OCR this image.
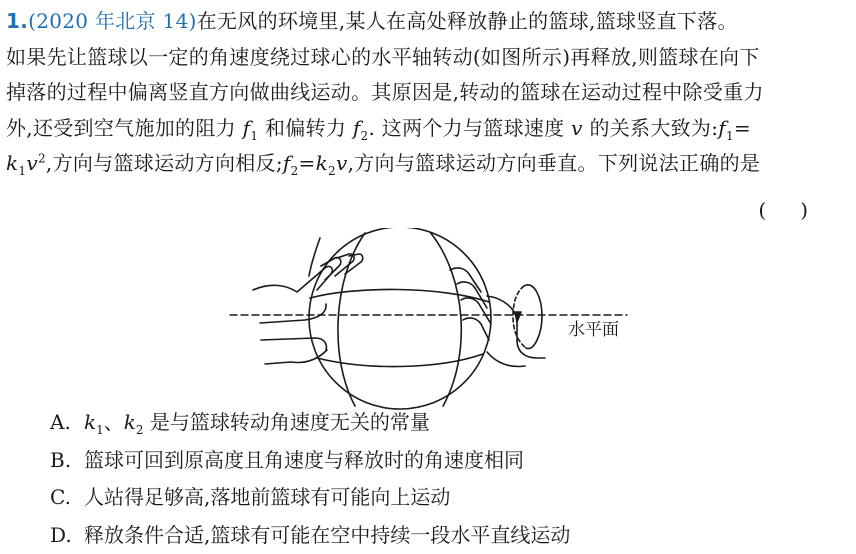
1.(2020 年北京 14)在无风的环境里,某人在高处释放静止的篮球,篮球竖直下落。
如果先让篮球以一定的角速度绕过球心的水平轴转动(如图所示)再释放,则篮球在向下
掉落的过程中偏离竖直方向做曲线运动。其原因是,转动的篮球在运动过程中除受重力
外,还受到空气施加的阻力 $f_1$ 和偏转力 $f_2$. 这两个力与篮球速度 v 的关系大致为$:f_1=$
$k_1v^2$,方向与篮球运动方向相反$;f_2=k_2v$,方向与篮球运动方向垂直。下列说法正确的是
()
水平面
A. $k_1$、$k_2$ 是与篮球转动角速度无关的常量
B. 篮球可回到原高度且角速度与释放时的角速度相同
C. 人站得足够高,落地前篮球有可能向上运动
D. 释放条件合适,篮球有可能在空中持续一段水平直线运动
